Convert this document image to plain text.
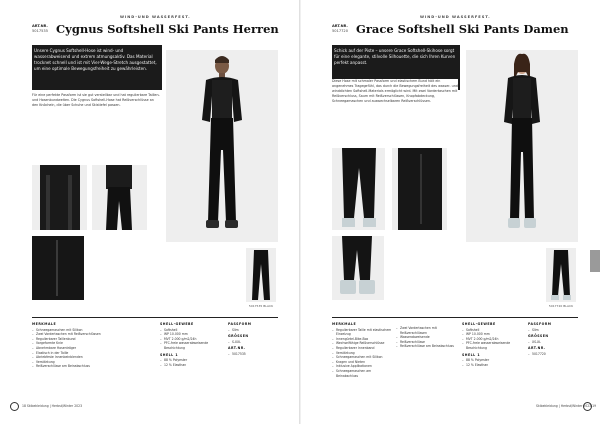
WIND-UND WASSERFEST.
ART.NR.
5017535 Cygnus Softshell Ski Pants Herren
Unsere Cygnus Softshell-Hose ist wind- und wasserabweisend und extrem atmungsaktiv. Das Material trocknet schnell und ist mit Vier-Wege-Stretch ausgestattet, um eine optimale Bewegungsfreiheit zu gewährleisten.
Für eine perfekte Passform ist sie gut verstellbar und hat regulierbare Taillen- und Hosenbundweiten. Die Cygnus Softshell-Hose hat Reißverschlüsse an den Knöcheln, die über Schuhe und Skistiefel passen.
5017535 BLACK
MERKMALE
– Schneegamaschen mit Silikon
– Zwei Vordertaschen mit Reißverschlüssen
– Regulierbarer Taillenbund
– Vorgeformte Knie
– Abnehmbare Hosenträger
– Elastisch in der Taille
– Abriebfeste Innenbeinblenden
– Verstärkung
– Reißverschlüsse am Beinabschluss
SHELL-GEWEBE
– Softshell
– WP 10.000 mm
– MVT 2.000 g/m2/24h
– PFC-freie wasserabweisende Beschichtung
SHELL 1
– 88 % Polyester
– 12 % Elasthan
PASSFORM
– Slim
GRÖSSEN
– S-XXL
ART.NR.
– 5017535
18 Skibekleidung | Herbst/Winter 2023
WIND-UND WASSERFEST.
ART.NR.
5017720 Grace Softshell Ski Pants Damen
Schick auf der Piste – unsere Grace Softshell-Skihose sorgt für eine elegante, stilvolle Silhouette, die sich Ihren Kurven perfekt anpasst.
Diese Hose mit schmaler Passform und elastischem Bund hält ein angenehmes Tragegefühl, das durch die Bewegungsfreiheit des wasser- und winddichten Softshell-Materials ermöglicht wird. Mit zwei Vordertaschen mit Reißverschluss, Saum mit Reißverschlüssen, Knopfabdeckung, Schneegamaschen und auswechselbaren Reißverschlüssen.
5017720 BLACK
MERKMALE
– Regulierbarer Taille mit elastischem Einzelzug
– Innengürtel-Bike-Box
– Wechselfähige Reißverschlüsse
– Regulierbarer Innenband
– Verstärkung
– Schneegamaschen mit Silikon
– Kragen und Nieten
– Inklusive Applikationen
– Schneegamaschen am Beinabschluss
– Zwei Vordertaschen mit Reißverschlüssen
– Wasserabweisende
– Reißverschlüsse
– Reißverschlüsse am Beinabschluss
SHELL-GEWEBE
– Softshell
– WP 10.000 mm
– MVT 2.000 g/m2/24h
– PFC-freie wasserabweisende Beschichtung
SHELL 1
– 88 % Polyester
– 12 % Elasthan
PASSFORM
– Slim
GRÖSSEN
– XS-XL
ART.NR.
– 5017720
Skibekleidung | Herbst/Winter 2023 19
